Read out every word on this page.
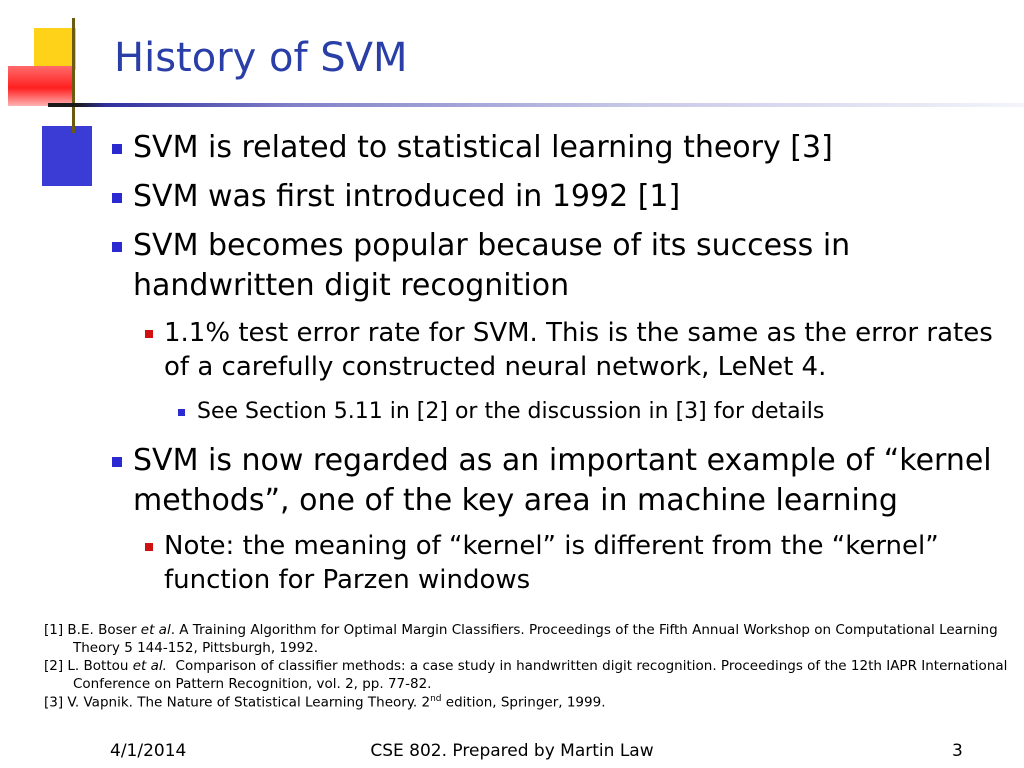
History of SVM
SVM is related to statistical learning theory [3]
SVM was first introduced in 1992 [1]
SVM becomes popular because of its success in handwritten digit recognition
1.1% test error rate for SVM. This is the same as the error rates of a carefully constructed neural network, LeNet 4.
See Section 5.11 in [2] or the discussion in [3] for details
SVM is now regarded as an important example of “kernel methods”, one of the key area in machine learning
Note: the meaning of “kernel” is different from the “kernel” function for Parzen windows
[1] B.E. Boser et al. A Training Algorithm for Optimal Margin Classifiers. Proceedings of the Fifth Annual Workshop on Computational Learning Theory 5 144-152, Pittsburgh, 1992.
[2] L. Bottou et al.  Comparison of classifier methods: a case study in handwritten digit recognition. Proceedings of the 12th IAPR International Conference on Pattern Recognition, vol. 2, pp. 77-82.
[3] V. Vapnik. The Nature of Statistical Learning Theory. 2nd edition, Springer, 1999.
4/1/2014	CSE 802. Prepared by Martin Law	3
